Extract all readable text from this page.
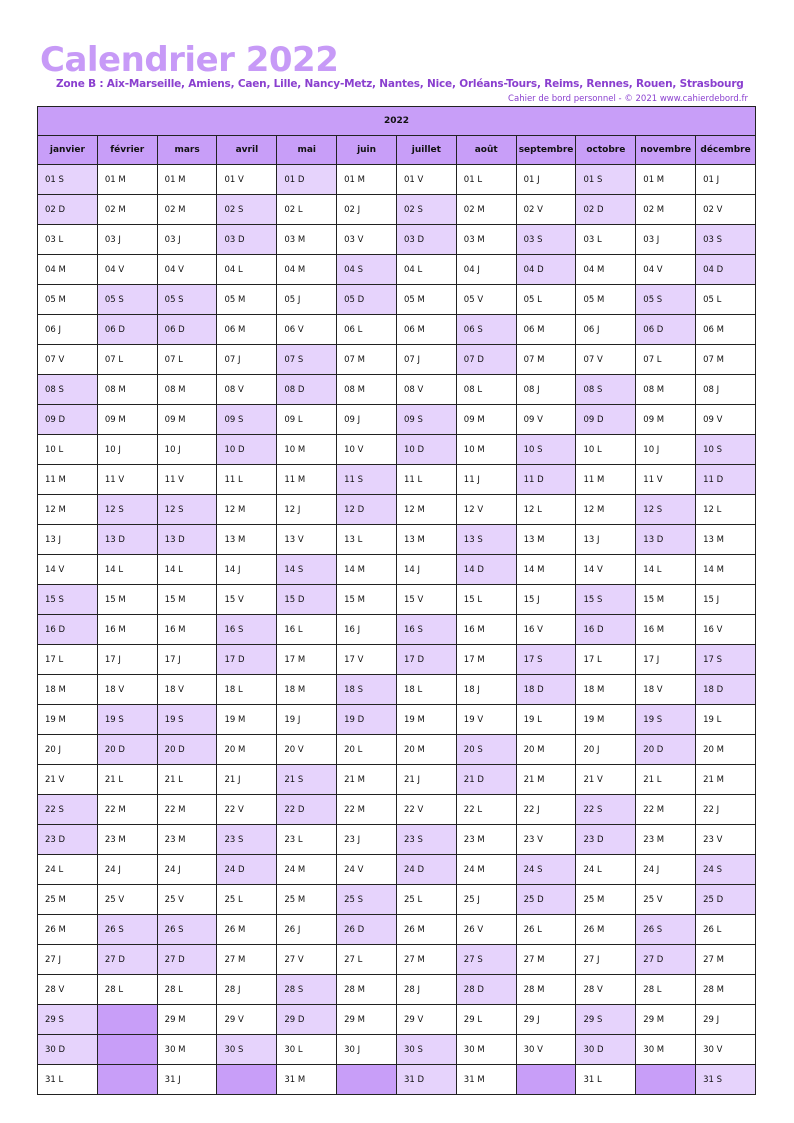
Calendrier 2022
Zone B : Aix-Marseille, Amiens, Caen, Lille, Nancy-Metz, Nantes, Nice, Orléans-Tours, Reims, Rennes, Rouen, Strasbourg
Cahier de bord personnel - © 2021 www.cahierdebord.fr
2022											
janvier	février	mars	avril	mai	juin	juillet	août	septembre	octobre	novembre	décembre
01 S	01 M	01 M	01 V	01 D	01 M	01 V	01 L	01 J	01 S	01 M	01 J
02 D	02 M	02 M	02 S	02 L	02 J	02 S	02 M	02 V	02 D	02 M	02 V
03 L	03 J	03 J	03 D	03 M	03 V	03 D	03 M	03 S	03 L	03 J	03 S
04 M	04 V	04 V	04 L	04 M	04 S	04 L	04 J	04 D	04 M	04 V	04 D
05 M	05 S	05 S	05 M	05 J	05 D	05 M	05 V	05 L	05 M	05 S	05 L
06 J	06 D	06 D	06 M	06 V	06 L	06 M	06 S	06 M	06 J	06 D	06 M
07 V	07 L	07 L	07 J	07 S	07 M	07 J	07 D	07 M	07 V	07 L	07 M
08 S	08 M	08 M	08 V	08 D	08 M	08 V	08 L	08 J	08 S	08 M	08 J
09 D	09 M	09 M	09 S	09 L	09 J	09 S	09 M	09 V	09 D	09 M	09 V
10 L	10 J	10 J	10 D	10 M	10 V	10 D	10 M	10 S	10 L	10 J	10 S
11 M	11 V	11 V	11 L	11 M	11 S	11 L	11 J	11 D	11 M	11 V	11 D
12 M	12 S	12 S	12 M	12 J	12 D	12 M	12 V	12 L	12 M	12 S	12 L
13 J	13 D	13 D	13 M	13 V	13 L	13 M	13 S	13 M	13 J	13 D	13 M
14 V	14 L	14 L	14 J	14 S	14 M	14 J	14 D	14 M	14 V	14 L	14 M
15 S	15 M	15 M	15 V	15 D	15 M	15 V	15 L	15 J	15 S	15 M	15 J
16 D	16 M	16 M	16 S	16 L	16 J	16 S	16 M	16 V	16 D	16 M	16 V
17 L	17 J	17 J	17 D	17 M	17 V	17 D	17 M	17 S	17 L	17 J	17 S
18 M	18 V	18 V	18 L	18 M	18 S	18 L	18 J	18 D	18 M	18 V	18 D
19 M	19 S	19 S	19 M	19 J	19 D	19 M	19 V	19 L	19 M	19 S	19 L
20 J	20 D	20 D	20 M	20 V	20 L	20 M	20 S	20 M	20 J	20 D	20 M
21 V	21 L	21 L	21 J	21 S	21 M	21 J	21 D	21 M	21 V	21 L	21 M
22 S	22 M	22 M	22 V	22 D	22 M	22 V	22 L	22 J	22 S	22 M	22 J
23 D	23 M	23 M	23 S	23 L	23 J	23 S	23 M	23 V	23 D	23 M	23 V
24 L	24 J	24 J	24 D	24 M	24 V	24 D	24 M	24 S	24 L	24 J	24 S
25 M	25 V	25 V	25 L	25 M	25 S	25 L	25 J	25 D	25 M	25 V	25 D
26 M	26 S	26 S	26 M	26 J	26 D	26 M	26 V	26 L	26 M	26 S	26 L
27 J	27 D	27 D	27 M	27 V	27 L	27 M	27 S	27 M	27 J	27 D	27 M
28 V	28 L	28 L	28 J	28 S	28 M	28 J	28 D	28 M	28 V	28 L	28 M
29 S		29 M	29 V	29 D	29 M	29 V	29 L	29 J	29 S	29 M	29 J
30 D		30 M	30 S	30 L	30 J	30 S	30 M	30 V	30 D	30 M	30 V
31 L		31 J		31 M		31 D	31 M		31 L		31 S
